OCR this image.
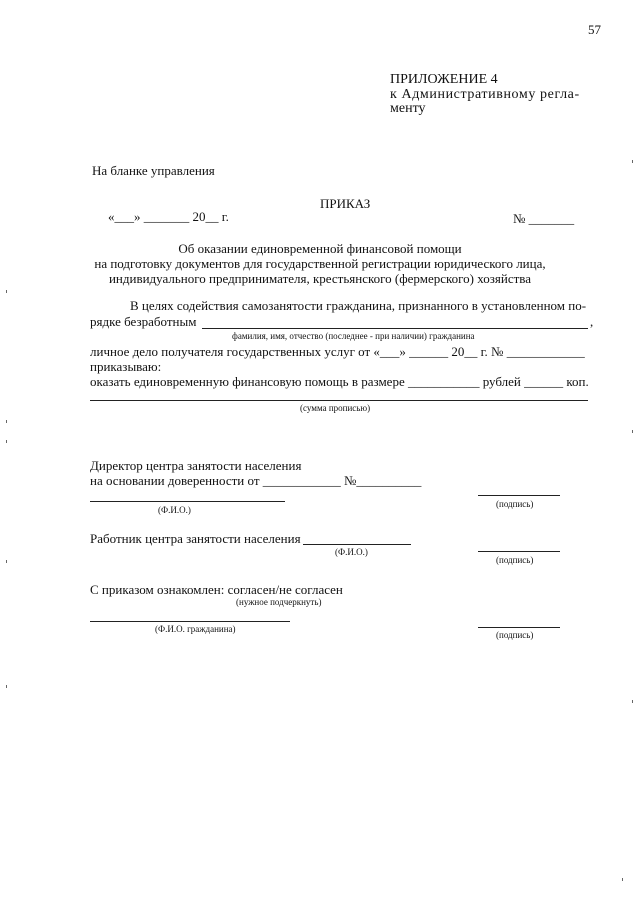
57
ПРИЛОЖЕНИЕ 4
к Административному регла-
менту
На бланке управления
ПРИКАЗ
«___» _______ 20__ г.	№ _______
Об оказании единовременной финансовой помощи
на подготовку документов для государственной регистрации юридического лица,
индивидуального предпринимателя, крестьянского (фермерского) хозяйства
В целях содействия самозанятости гражданина, признанного в установленном по-
рядке безработным	,
фамилия, имя, отчество (последнее - при наличии) гражданина
личное дело получателя государственных услуг от «___» ______ 20__ г. № ____________
приказываю:
оказать единовременную финансовую помощь в размере ___________ рублей ______ коп.
(сумма прописью)
Директор центра занятости населения
на основании доверенности от ____________ №__________
(Ф.И.О.)
(подпись)
Работник центра занятости населения
(Ф.И.О.)
(подпись)
С приказом ознакомлен: согласен/не согласен
(нужное подчеркнуть)
(Ф.И.О. гражданина)
(подпись)
